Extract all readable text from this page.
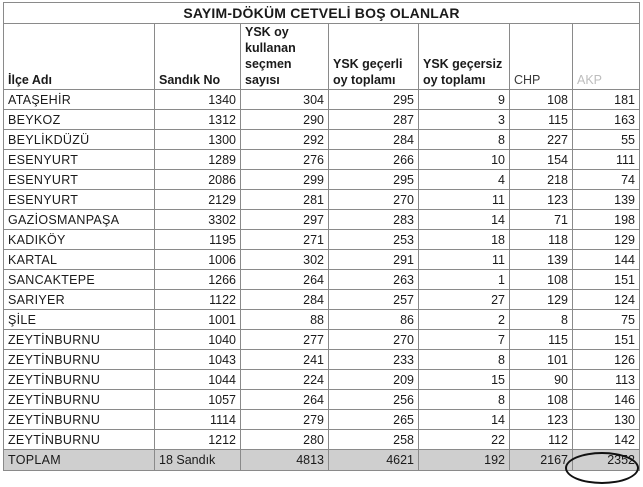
SAYIM-DÖKÜM CETVELİ BOŞ OLANLAR						
İlçe Adı	Sandık No	YSK oy kullanan seçmen sayısı	YSK geçerli oy toplamı	YSK geçersiz oy toplamı	CHP	AKP
ATAŞEHİR	1340	304	295	9	108	181
BEYKOZ	1312	290	287	3	115	163
BEYLİKDÜZÜ	1300	292	284	8	227	55
ESENYURT	1289	276	266	10	154	111
ESENYURT	2086	299	295	4	218	74
ESENYURT	2129	281	270	11	123	139
GAZİOSMANPAŞA	3302	297	283	14	71	198
KADIKÖY	1195	271	253	18	118	129
KARTAL	1006	302	291	11	139	144
SANCAKTEPE	1266	264	263	1	108	151
SARIYER	1122	284	257	27	129	124
ŞİLE	1001	88	86	2	8	75
ZEYTİNBURNU	1040	277	270	7	115	151
ZEYTİNBURNU	1043	241	233	8	101	126
ZEYTİNBURNU	1044	224	209	15	90	113
ZEYTİNBURNU	1057	264	256	8	108	146
ZEYTİNBURNU	1114	279	265	14	123	130
ZEYTİNBURNU	1212	280	258	22	112	142
TOPLAM	18 Sandık	4813	4621	192	2167	2352
